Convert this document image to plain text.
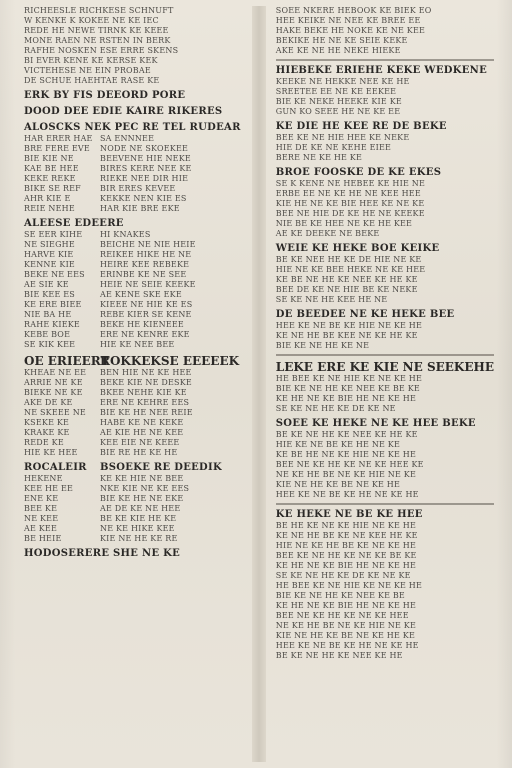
RICHEESLE RICHKESE SCHNUFT
W KENKE K KOKEE NE KE IEC
REDE HE NEWE TIRNK KE KEEE
MONE RAEN NE RSTEN IN BERK
RAFHE NOSKEN ESE ERRE SKENS
BI EVER KENE KE KERSE KEK
VICTEHESE NE EIN PROBAE
DE SCHUE HAEHTAE RASE KE
ERK BY FIS DEEORD PORE
DOOD DEE EDIE KAIRE RIKERES
ALOSCKS NEK PEC RE TEL RUDEAR
HAR ERER HAE
BRE FERE EVE
BIE KIE NE
KAE BE HEE
KEKE REKE
BIKE SE REF
AHR KIE E
REIE NEHE
SA ENNNEE
NODE NE SKOEKEE
BEEVENE HIE NEKE
BIRES KERE NEE KE
RIEKE NEE DIR HIE
BIR ERES KEVEE
KEKKE NEN KIE ES
HAR KIE BRE EKE
ALEESE EDEERE
SE EER KIHE
NE SIEGHE
HARVE KIE
KENNE KIE
BEKE NE EES
AE SIE KE
BIE KEE ES
KE ERE BIEE
NIE BA HE
RAHE KIEKE
KEBE BOE
SE KIK KEE
HI KNAKES
BEICHE NE NIE HEIE
REIKEE HIKE HE NE
HEIRE KEE REBEKE
ERINBE KE NE SEE
HEIE NE SEIE KEEKE
AE KENE SKE EKE
KIEEE NE HIE KE ES
REBE KIER SE KENE
BEKE HE KIENEEE
ERE NE KENRE EKE
HIE KE NEE BEE
OE ERIEERT
ROKKEKSE EEEEEK
KHEAE NE EE
ARRIE NE KE
BIEKE NE KE
AKE DE KE
NE SKEEE NE
KSEKE KE
KRAKE KE
REDE KE
HIE KE HEE
BEN HIE NE KE HEE
BEKE KIE NE DESKE
BKEE NEHE KIE KE
ERE NE KEHRE EES
BIE KE HE NEE REIE
HABE KE NE KEKE
AE KIE HE NE KEE
KEE EIE NE KEEE
BIE RE HE KE HE
ROCALEIR	BSOEKE RE DEEDIK
HEKENE
KEE HE EE
ENE KE
BEE KE
NE KEE
AE KEE
BE HEIE
KE KE HIE NE BEE
NKE KIE NE KE EES
BIE KE HE NE EKE
AE DE KE NE HEE
BE KE KIE HE KE
NE KE HIKE KEE
KIE NE HE KE RE
HODOSERERE SHE NE KE
SOEE NKERE HEBOOK KE BIEK EO
HEE KEIKE NE NEE KE BREE EE
HAKE BEKE HE NOKE KE NE KEE
BEKIKE HE NE KE SEIE KEKE
AKE KE NE HE NEKE HIEKE
HIEBEKE ERIEHE KEKE WEDKENE
KEEKE NE HEKKE NEE KE HE
SREETEE EE NE KE EEKEE
BIE KE NEKE HEEKE KIE KE
GUN KO SEEE HE NE KE EE
KE DIE HE KEE RE DE BEKE
BEE KE NE HIE HEE KE NEKE
HIE DE KE NE KEHE EIEE
BERE NE KE HE KE
BROE FOOSKE DE KE EKES
SE K KENE NE HEBEE KE HIE NE
ERBE EE NE KE HE NE KEE HEE
KIE HE NE KE BIE HEE KE NE KE
BEE NE HIE DE KE HE NE KEEKE
NIE BE KE HEE NE KE HE KEE
AE KE DEEKE NE BEKE
WEIE KE HEKE BOE KEIKE
BE KE NEE HE KE DE HIE NE KE
HIE NE KE BEE HEKE NE KE HEE
KE BE NE HE KE NEE KE HE KE
BEE DE KE NE HIE BE KE NEKE
SE KE NE HE KEE HE NE
DE BEEDEE NE KE HEKE BEE
HEE KE NE BE KE HIE NE KE HE
KE NE HE BE KEE NE KE HE KE
BIE KE NE HE KE NE
LEKE ERE KE KIE NE SEEKEHE
HE BEE KE NE HIE KE NE KE HE
BIE KE NE HE KE NEE KE BE KE
KE HE NE KE BIE HE NE KE HE
SE KE NE HE KE DE KE NE
SOEE KE HEKE NE KE HEE BEKE
BE KE NE HE KE NEE KE HE KE
HIE KE NE BE KE HE NE KE
KE BE HE NE KE HIE NE KE HE
BEE NE KE HE KE NE KE HEE KE
NE KE HE BE NE KE HIE NE KE
KIE NE HE KE BE NE KE HE
HEE KE NE BE KE HE NE KE HE
KE HEKE NE BE KE HEE
BE HE KE NE KE HIE NE KE HE
KE NE HE BE KE NE KEE HE KE
HIE NE KE HE BE KE NE KE HE
BEE KE NE HE KE NE KE BE KE
KE HE NE KE BIE HE NE KE HE
SE KE NE HE KE DE KE NE KE
HE BEE KE NE HIE KE NE KE HE
BIE KE NE HE KE NEE KE BE
KE HE NE KE BIE HE NE KE HE
BEE NE KE HE KE NE KE HEE
NE KE HE BE NE KE HIE NE KE
KIE NE HE KE BE NE KE HE KE
HEE KE NE BE KE HE NE KE HE
BE KE NE HE KE NEE KE HE
